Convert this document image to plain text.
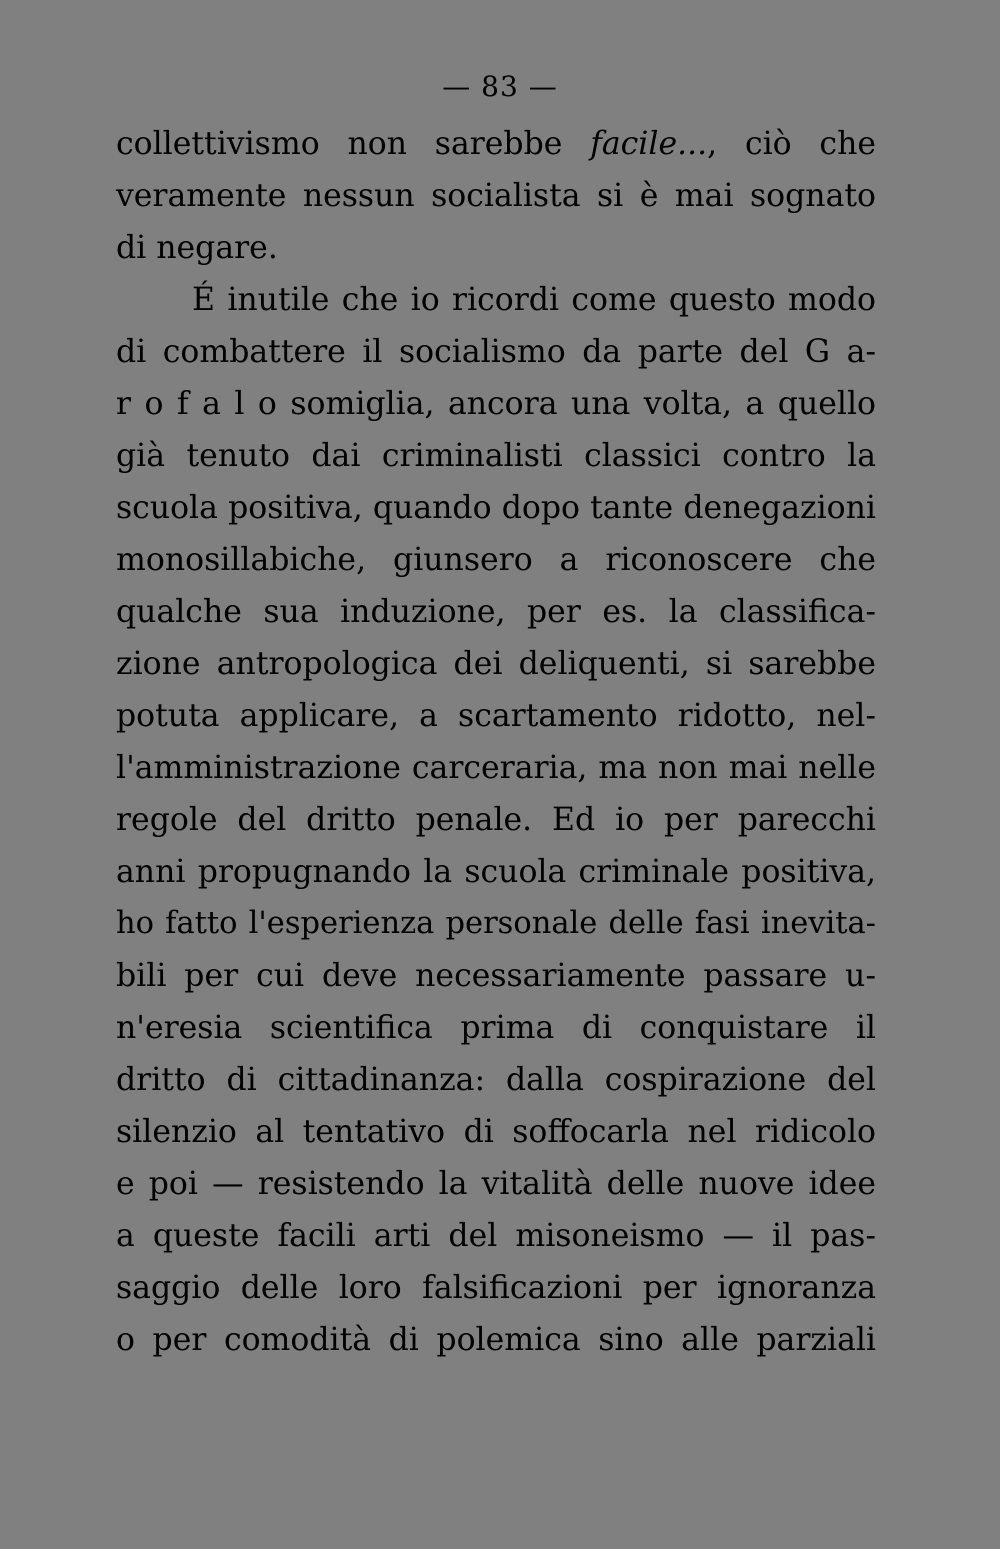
— 83 —
collettivismo non sarebbe facile..., ciò che
veramente nessun socialista si è mai sognato
di negare.
É inutile che io ricordi come questo modo
di combattere il socialismo da parte del G a-
r o f a l o somiglia, ancora una volta, a quello
già tenuto dai criminalisti classici contro la
scuola positiva, quando dopo tante denegazioni
monosillabiche, giunsero a riconoscere che
qualche sua induzione, per es. la classifica-
zione antropologica dei deliquenti, si sarebbe
potuta applicare, a scartamento ridotto, nel-
l'amministrazione carceraria, ma non mai nelle
regole del dritto penale. Ed io per parecchi
anni propugnando la scuola criminale positiva,
ho fatto l'esperienza personale delle fasi inevita-
bili per cui deve necessariamente passare u-
n'eresia scientifica prima di conquistare il
dritto di cittadinanza: dalla cospirazione del
silenzio al tentativo di soffocarla nel ridicolo
e poi — resistendo la vitalità delle nuove idee
a queste facili arti del misoneismo — il pas-
saggio delle loro falsificazioni per ignoranza
o per comodità di polemica sino alle parziali
